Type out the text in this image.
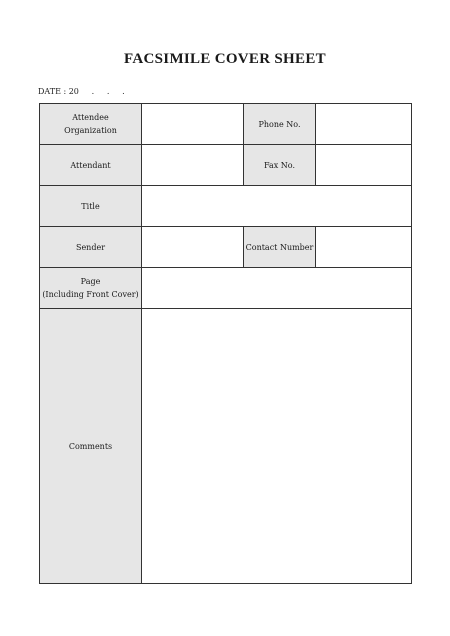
FACSIMILE COVER SHEET
DATE : 20     .     .     .
Attendee
Organization		Phone No.	
Attendant		Fax No.	
Title			
Sender		Contact Number	

Page
(Including Front Cover)			

Comments			
